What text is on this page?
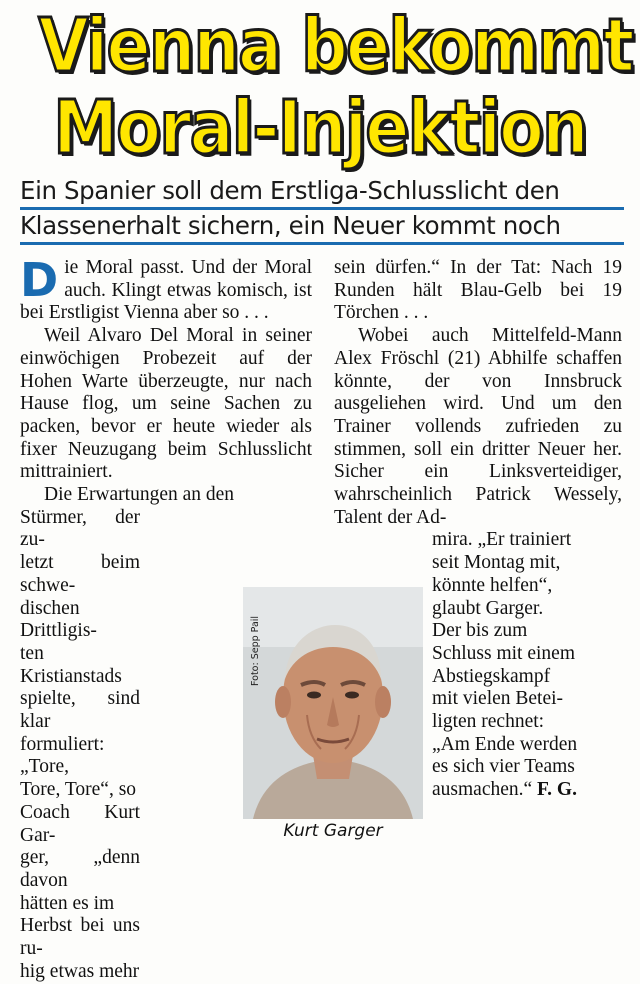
Vienna bekommt
Moral-Injektion
Ein Spanier soll dem Erstliga-Schlusslicht den
Klassenerhalt sichern, ein Neuer kommt noch

Die Moral passt. Und der Moral auch. Klingt etwas komisch, ist bei Erstligist Vienna aber so . . .

Weil Alvaro Del Moral in seiner einwöchigen Probezeit auf der Hohen Warte überzeugte, nur nach Hause flog, um seine Sachen zu packen, bevor er heute wieder als fixer Neuzugang beim Schlusslicht mittrainiert.

Die Erwartungen an den

Stürmer, der zu-

letzt beim schwe-

dischen Drittligis-

ten Kristianstads

spielte, sind klar

formuliert: „Tore,

Tore, Tore“, so

Coach Kurt Gar-

ger, „denn davon

hätten es im

Herbst bei uns ru-

hig etwas mehr

sein dürfen.“ In der Tat: Nach 19 Runden hält Blau-Gelb bei 19 Törchen . . .

Wobei auch Mittelfeld-Mann Alex Fröschl (21) Abhilfe schaffen könnte, der von Innsbruck ausgeliehen wird. Und um den Trainer vollends zufrieden zu stimmen, soll ein dritter Neuer her. Sicher ein Linksverteidiger, wahrscheinlich Patrick Wessely, Talent der Ad-

mira. „Er trainiert

seit Montag mit,

könnte helfen“,

glaubt Garger.

Der bis zum

Schluss mit einem

Abstiegskampf

mit vielen Betei-

ligten rechnet:

„Am Ende werden

es sich vier Teams

ausmachen.“ F. G.

Foto: Sepp Pail
Kurt Garger
